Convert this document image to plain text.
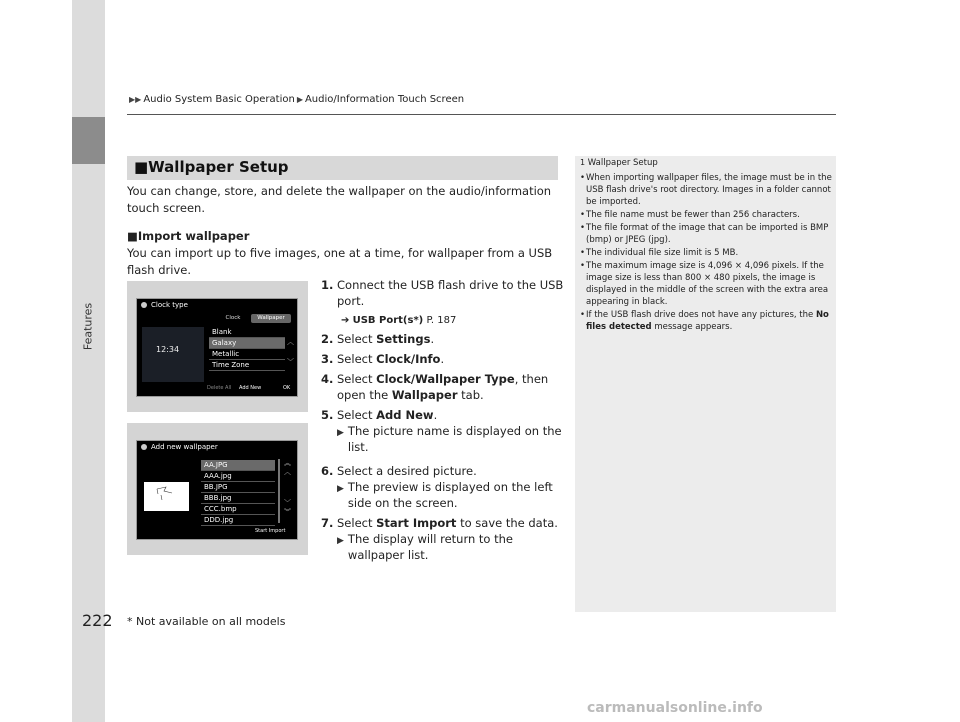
Features
▶▶ Audio System Basic Operation ▶ Audio/Information Touch Screen
■Wallpaper Setup
You can change, store, and delete the wallpaper on the audio/information touch screen.
■Import wallpaper
You can import up to five images, one at a time, for wallpaper from a USB flash drive.
Clock type
Clock	Wallpaper
12:34
Blank
Galaxy
Metallic
Time Zone
︿
﹀
Delete All Add New	OK
Add new wallpaper
AA.JPG
AAA.jpg
BB.JPG
BBB.jpg
CCC.bmp
DDD.jpg
︽
︿
﹀
︾
Start Import
1. Connect the USB flash drive to the USB port.
➔ USB Port(s*) P. 187
2. Select Settings.
3. Select Clock/Info.
4. Select Clock/Wallpaper Type, then open the Wallpaper tab.
5. Select Add New.
▶ The picture name is displayed on the list.
6. Select a desired picture.
▶ The preview is displayed on the left side on the screen.
7. Select Start Import to save the data.
▶ The display will return to the wallpaper list.
1 Wallpaper Setup
• When importing wallpaper files, the image must be in the USB flash drive's root directory. Images in a folder cannot be imported.
• The file name must be fewer than 256 characters.
• The file format of the image that can be imported is BMP (bmp) or JPEG (jpg).
• The individual file size limit is 5 MB.
• The maximum image size is 4,096 × 4,096 pixels. If the image size is less than 800 × 480 pixels, the image is displayed in the middle of the screen with the extra area appearing in black.
• If the USB flash drive does not have any pictures, the No files detected message appears.
222 * Not available on all models
carmanualsonline.info
